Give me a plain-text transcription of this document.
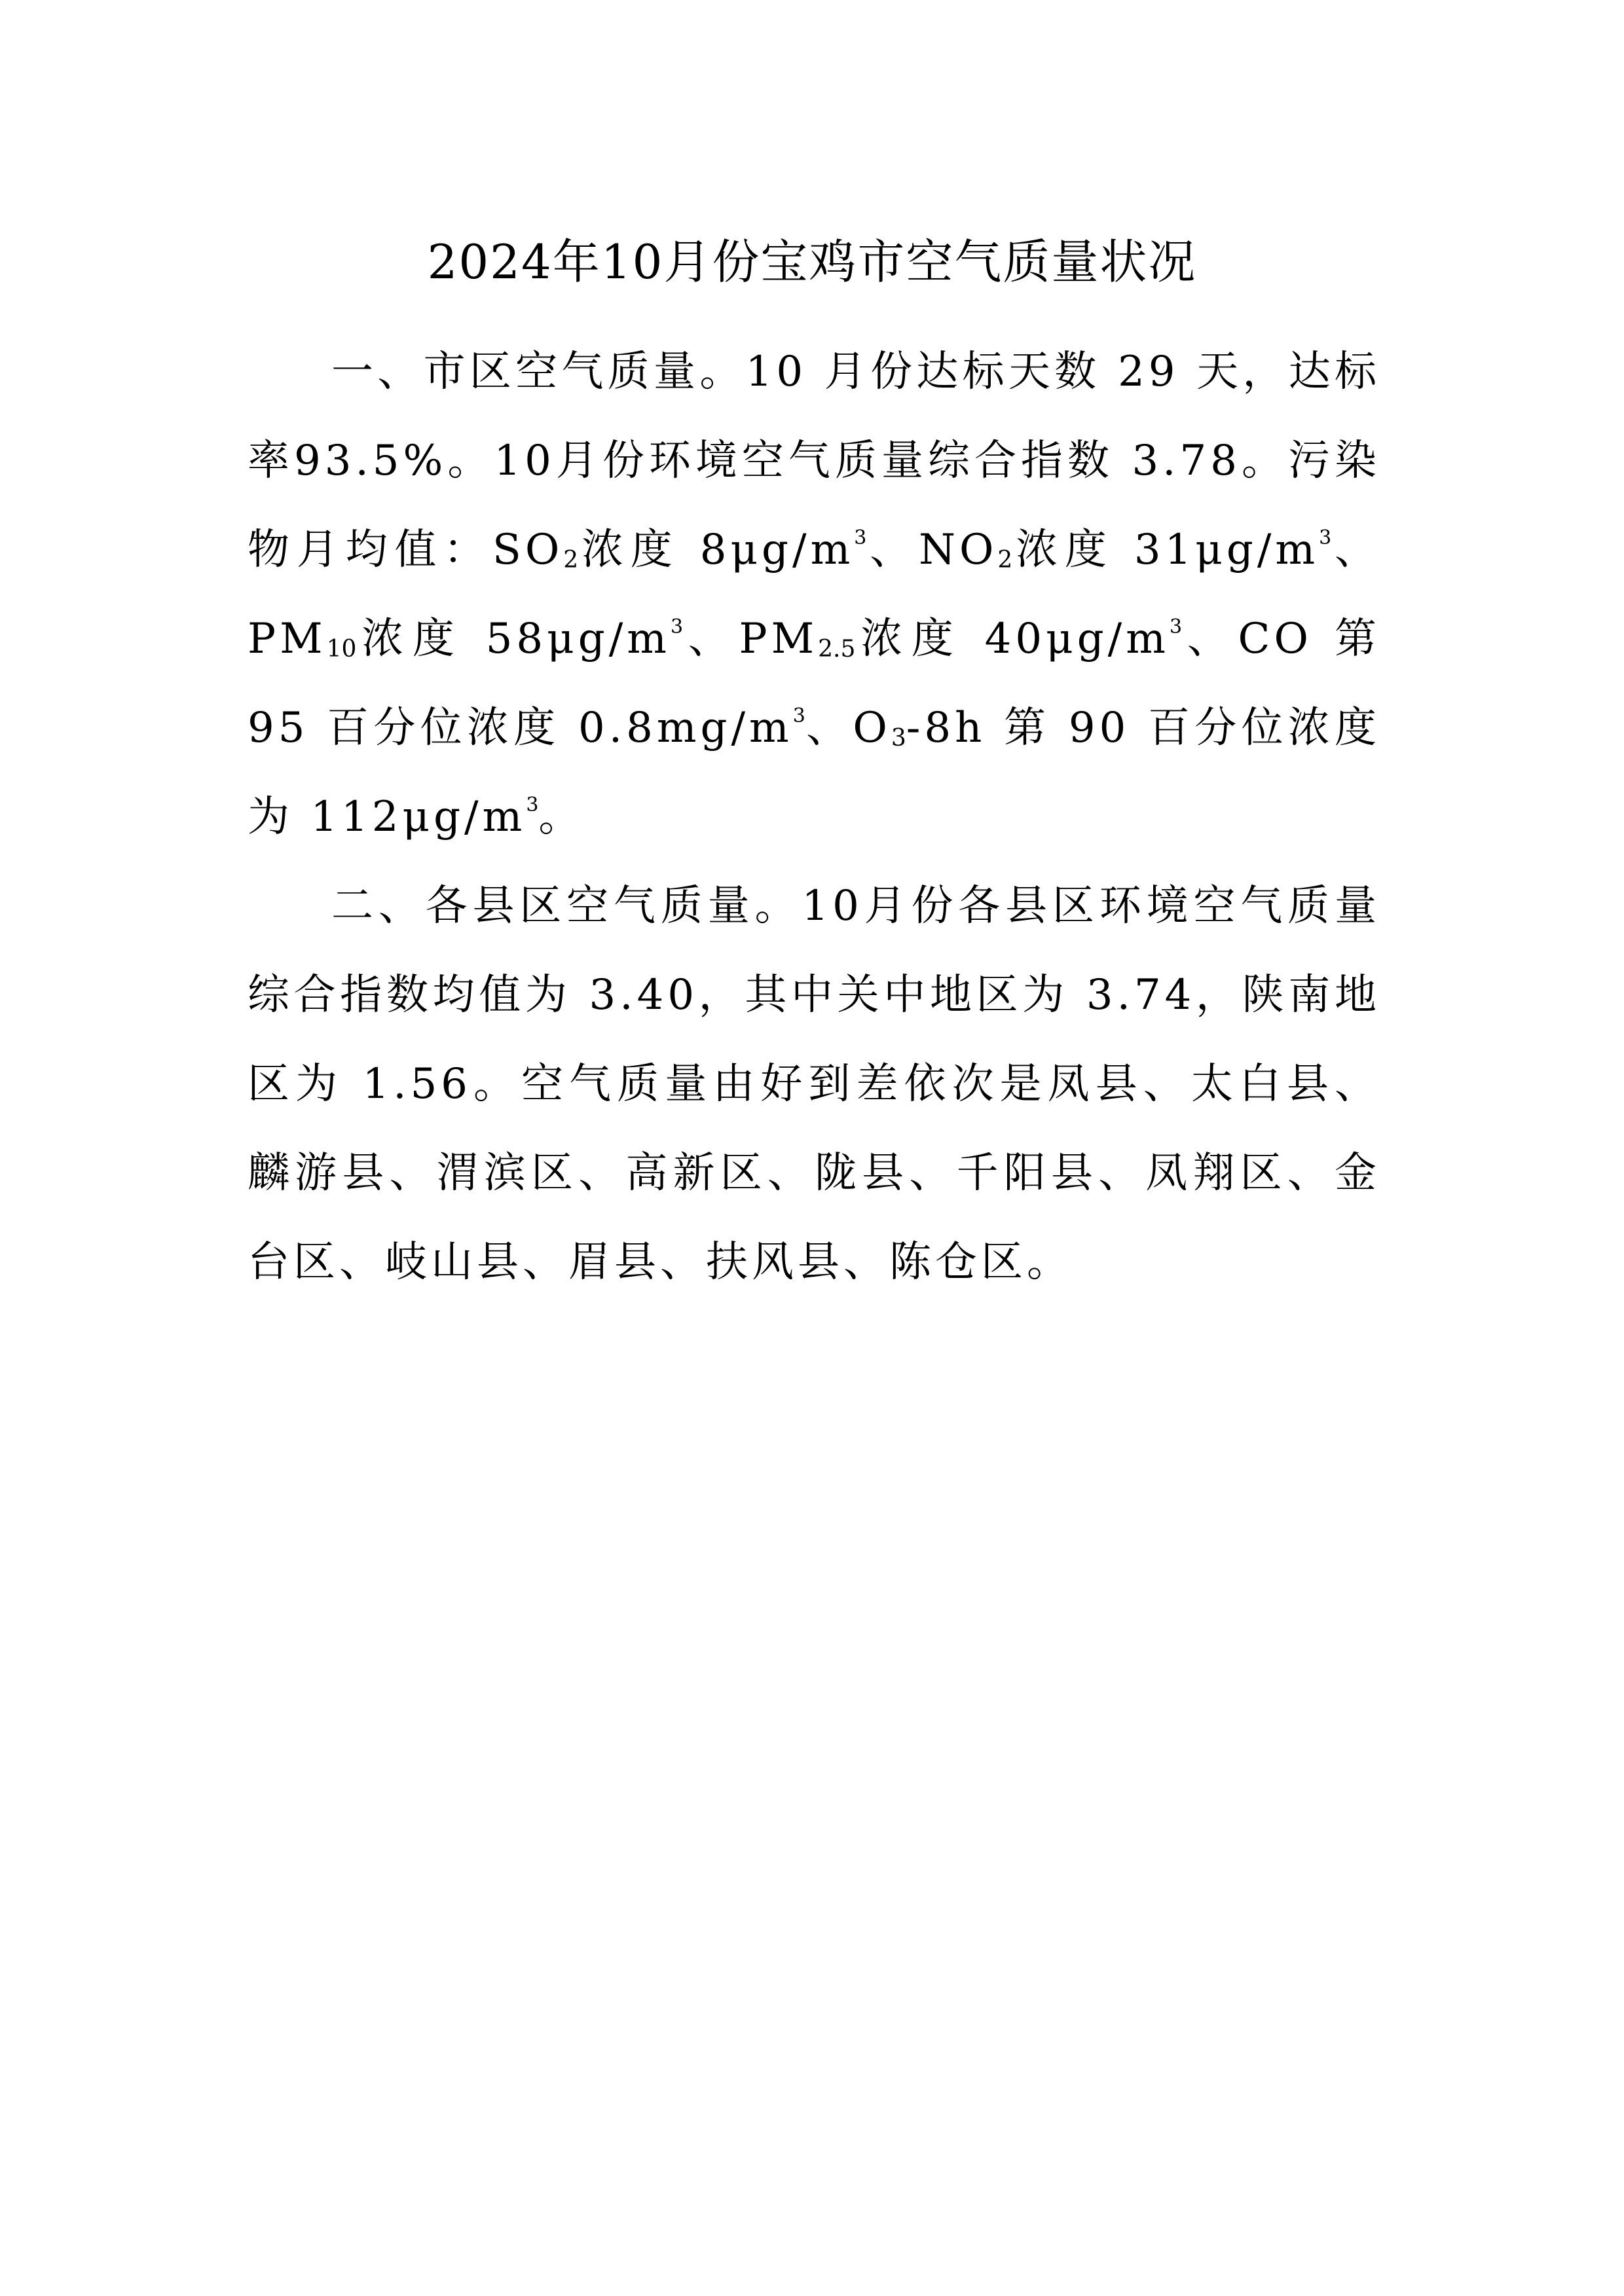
2024年10月份宝鸡市空气质量状况

一、市区空气质量。10 月份达标天数 29 天，达标率93.5%。10月份环境空气质量综合指数 3.78。污染物月均值：$SO_2$浓度 $8\mu g/m^3$、$NO_2$浓度 $31\mu g/m^3$、$PM_{10}$浓度 $58\mu g/m^3$、$PM_{2.5}$浓度 $40\mu g/m^3$、CO 第 95 百分位浓度 $0.8mg/m^3$、$O_3-8h$ 第 90 百分位浓度为 $112\mu g/m^3$。

二、各县区空气质量。10月份各县区环境空气质量综合指数均值为 3.40，其中关中地区为 3.74，陕南地区为 1.56。空气质量由好到差依次是凤县、太白县、麟游县、渭滨区、高新区、陇县、千阳县、凤翔区、金台区、岐山县、眉县、扶风县、陈仓区。
